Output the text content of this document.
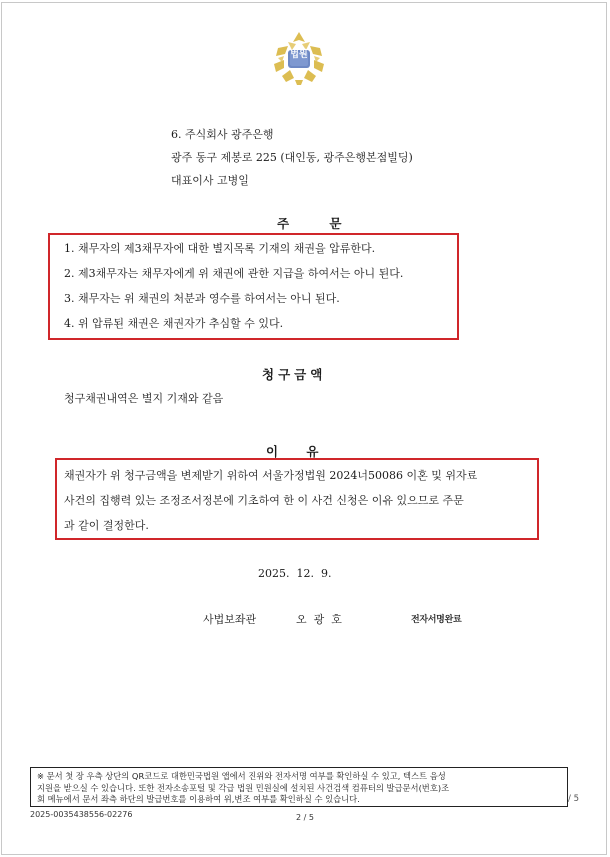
법원
6. 주식회사 광주은행
광주 동구 제봉로 225 (대인동, 광주은행본점빌딩)
대표이사 고병일
주 문
1. 채무자의 제3채무자에 대한 별지목록 기재의 채권을 압류한다.
2. 제3채무자는 채무자에게 위 채권에 관한 지급을 하여서는 아니 된다.
3. 채무자는 위 채권의 처분과 영수를 하여서는 아니 된다.
4. 위 압류된 채권은 채권자가 추심할 수 있다.
청구금액
청구채권내역은 별지 기재와 같음
이 유
채권자가 위 청구금액을 변제받기 위하여 서울가정법원 2024너50086 이혼 및 위자료
사건의 집행력 있는 조정조서정본에 기초하여 한 이 사건 신청은 이유 있으므로 주문
과 같이 결정한다.
2025.  12.  9.
사법보좌관	오  광  호	전자서명완료
※ 문서 첫 장 우측 상단의 QR코드로 대한민국법원 앱에서 진위와 전자서명 여부를 확인하실 수 있고, 텍스트 음성
지원을 받으실 수 있습니다. 또한 전자소송포털 및 각급 법원 민원실에 설치된 사건검색 컴퓨터의 발급문서(번호)조
회 메뉴에서 문서 좌측 하단의 발급번호를 이용하여 위,변조 여부를 확인하실 수 있습니다.	/ 5
2025-0035438556-02276	2 / 5
